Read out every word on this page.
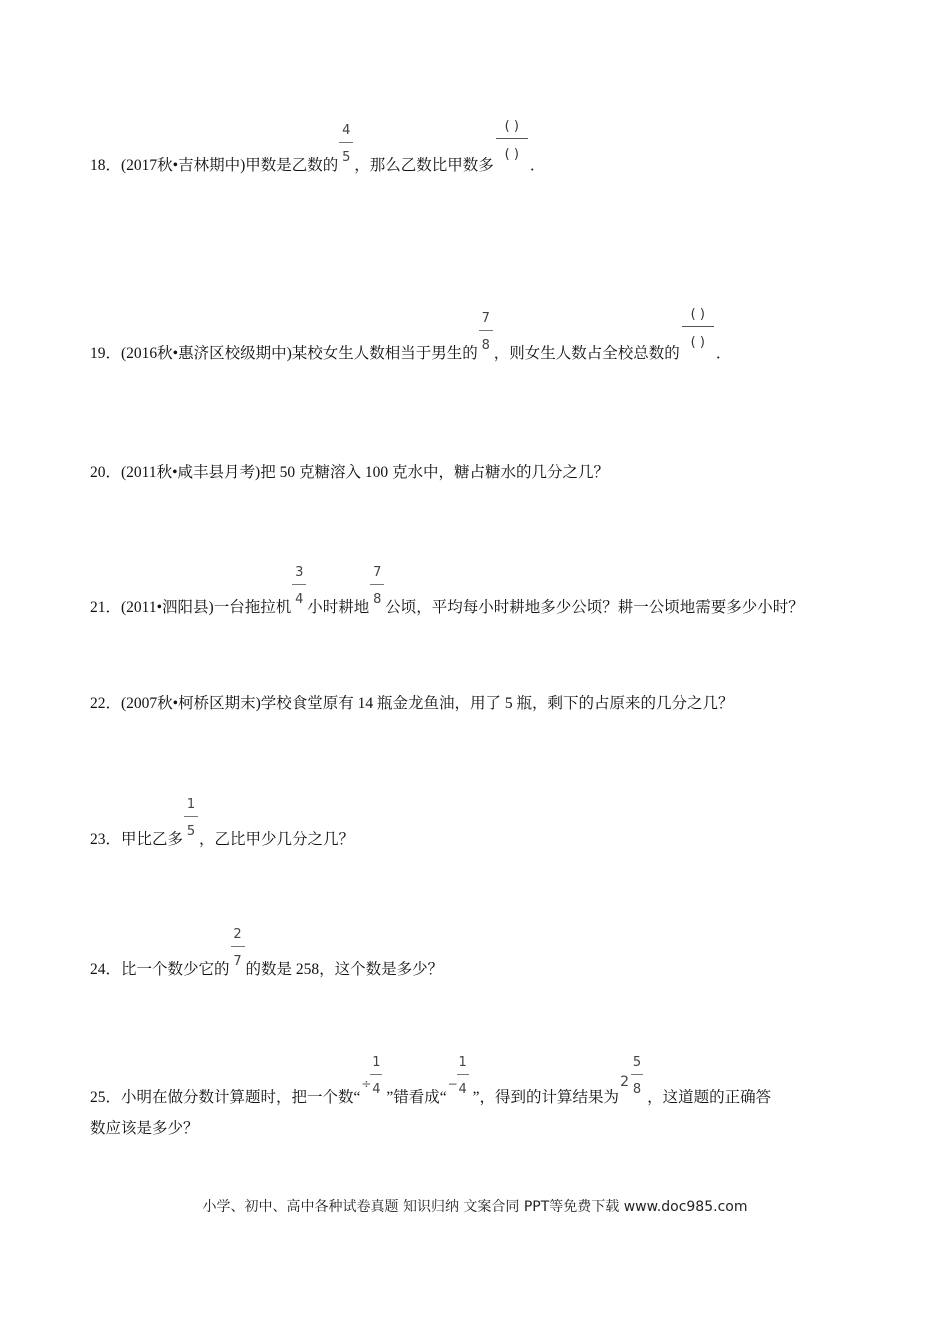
18．(2017秋•吉林期中)甲数是乙数的 $\frac{4}{5}$ ，那么乙数比甲数多
( )
( )
．
19．(2016秋•惠济区校级期中)某校女生人数相当于男生的 $\frac{7}{8}$ ，则女生人数占全校总数的
( )
( )
．
20．(2011秋•咸丰县月考)把 50 克糖溶入 100 克水中，糖占糖水的几分之几？
21．(2011•泗阳县)一台拖拉机 $\frac{3}{4}$ 小时耕地 $\frac{7}{8}$ 公顷，平均每小时耕地多少公顷？耕一公顷地需要多少小时？
22．(2007秋•柯桥区期末)学校食堂原有 14 瓶金龙鱼油，用了 5 瓶，剩下的占原来的几分之几？
23．甲比乙多 $\frac{1}{5}$ ，乙比甲少几分之几？
24．比一个数少它的 $\frac{2}{7}$ 的数是 258，这个数是多少？
25．小明在做分数计算题时，把一个数“
÷
1
4 ”错看成“
−
1
4 ”，得到的计算结果为
2
5
8 ，这道题的正确答
数应该是多少？
小学、初中、高中各种试卷真题 知识归纳 文案合同 PPT等免费下载 www.doc985.com
